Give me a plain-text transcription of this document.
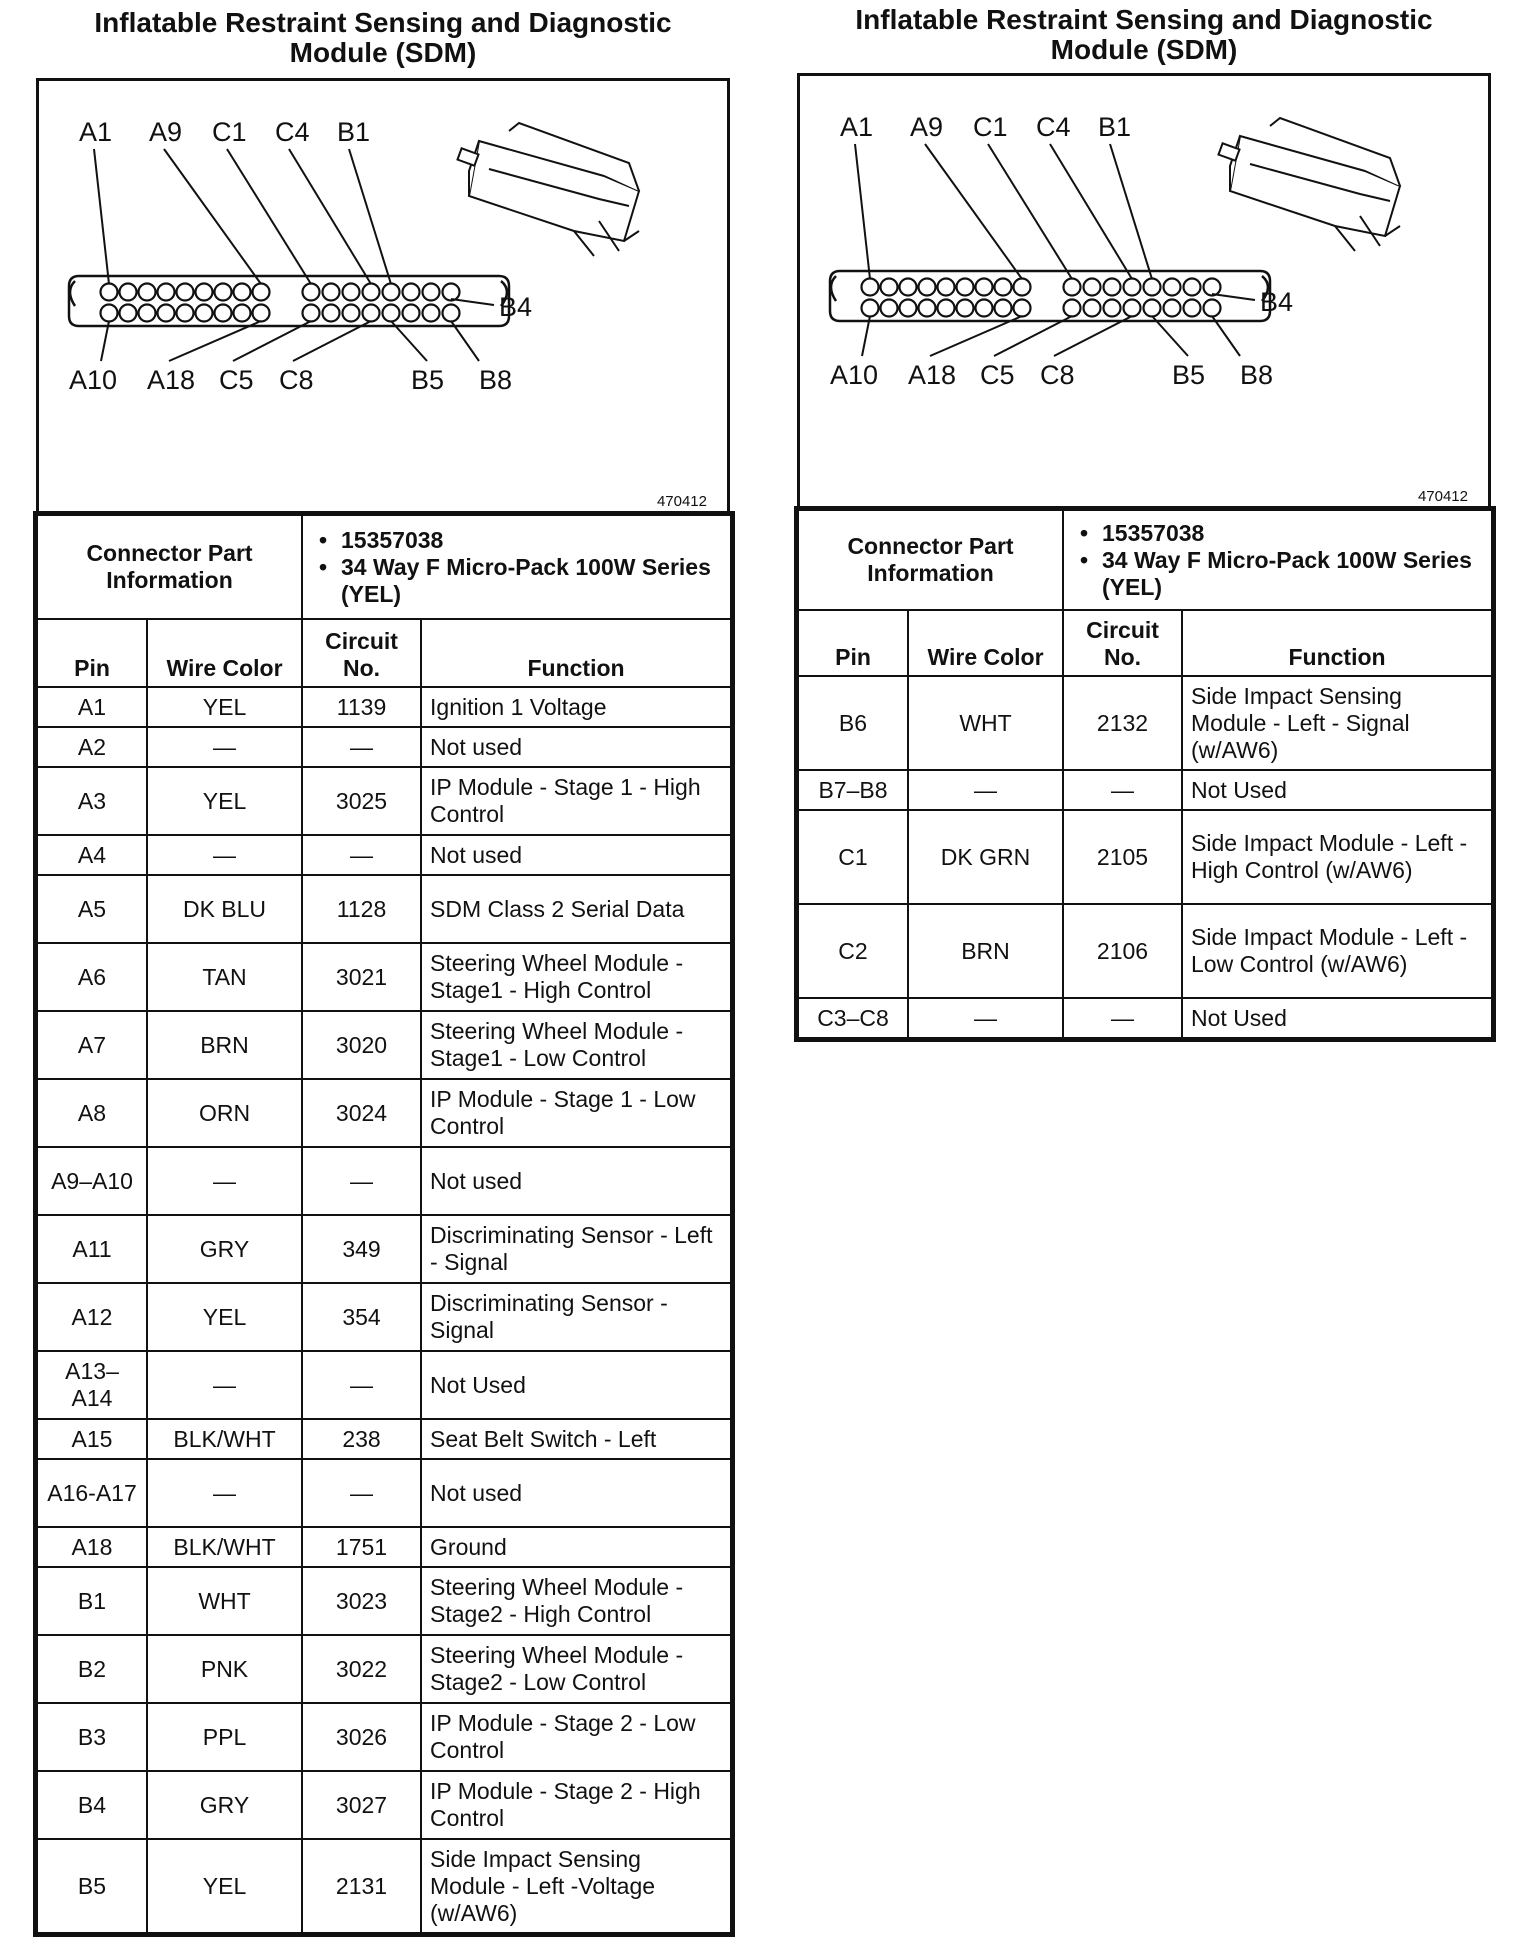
Inflatable Restraint Sensing and Diagnostic
Module (SDM)
A1 A9 C1 C4 B1
B4
A10 A18 C5 C8	B5 B8
470412
Connector Part Information		• 15357038
• 34 Way F Micro-Pack 100W Series (YEL)

Pin	Wire Color	Circuit No.	Function
A1	YEL	1139	Ignition 1 Voltage
A2	—	—	Not used
A3	YEL	3025	IP Module - Stage 1 - High Control
A4	—	—	Not used
A5	DK BLU	1128	SDM Class 2 Serial Data
A6	TAN	3021	Steering Wheel Module - Stage1 - High Control
A7	BRN	3020	Steering Wheel Module - Stage1 - Low Control
A8	ORN	3024	IP Module - Stage 1 - Low Control
A9–A10	—	—	Not used
A11	GRY	349	Discriminating Sensor - Left - Signal
A12	YEL	354	Discriminating Sensor - Signal
A13–A14	—	—	Not Used
A15	BLK/WHT	238	Seat Belt Switch - Left
A16-A17	—	—	Not used
A18	BLK/WHT	1751	Ground
B1	WHT	3023	Steering Wheel Module - Stage2 - High Control
B2	PNK	3022	Steering Wheel Module - Stage2 - Low Control
B3	PPL	3026	IP Module - Stage 2 - Low Control
B4	GRY	3027	IP Module - Stage 2 - High Control
B5	YEL	2131	Side Impact Sensing Module - Left -Voltage (w/AW6)
Inflatable Restraint Sensing and Diagnostic
Module (SDM)
A1 A9 C1 C4 B1
B4
A10 A18 C5 C8	B5 B8
470412
Connector Part Information		• 15357038
• 34 Way F Micro-Pack 100W Series (YEL)

Pin	Wire Color	Circuit No.	Function
B6	WHT	2132	Side Impact Sensing Module - Left - Signal (w/AW6)
B7–B8	—	—	Not Used
C1	DK GRN	2105	Side Impact Module - Left - High Control (w/AW6)
C2	BRN	2106	Side Impact Module - Left - Low Control (w/AW6)
C3–C8	—	—	Not Used
